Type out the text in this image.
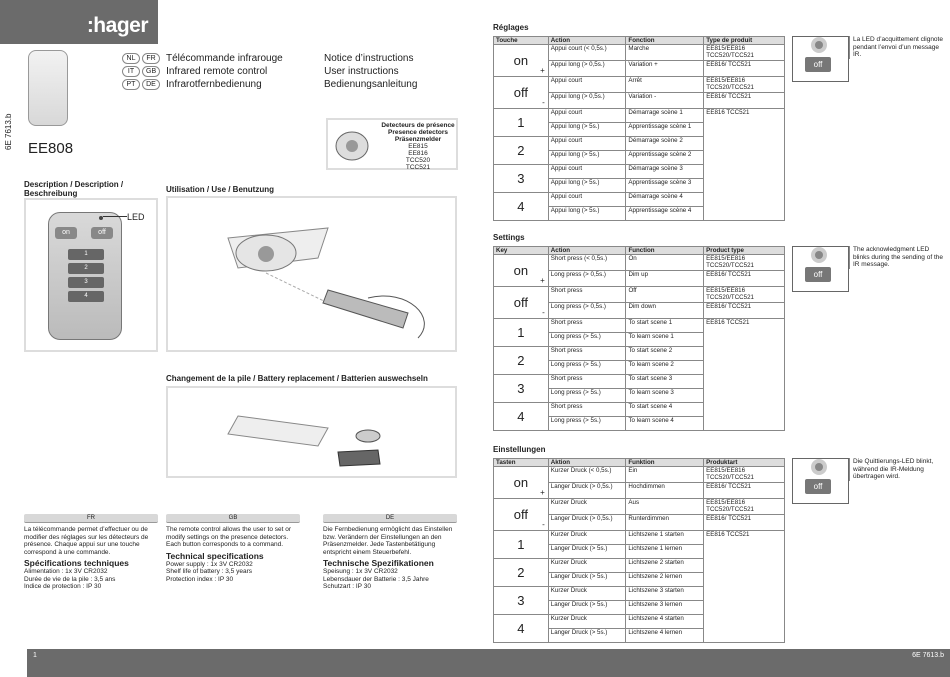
:hager
6E 7613.b EE808
NL	FR	Télécommande infrarouge	Notice d’instructions
IT	GB	Infrared remote control	User instructions
PT	DE	Infrarotfernbedienung	Bedienungsanleitung
Detecteurs de présence
Presence detectors
Präsenzmelder
EE815
EE816
TCC520
TCC521
Description / Description / Beschreibung
on	off
1
2
3
4
LED
Utilisation / Use / Benutzung
Changement de la pile / Battery replacement / Batterien auswechseln
FR
La télécommande permet d’effectuer ou de modifier des réglages sur les détecteurs de présence. Chaque appui sur une touche correspond à une commande.
Spécifications techniques
Alimentation : 1x 3V CR2032
Durée de vie de la pile : 3,5 ans
Indice de protection : IP 30
GB
The remote control allows the user to set or modify settings on the presence detectors. Each button corresponds to a command.
Technical specifications
Power supply : 1x 3V CR2032
Shelf life of battery : 3,5 years
Protection index : IP 30
DE
Die Fernbedienung ermöglicht das Einstellen bzw. Verändern der Einstellungen an den Präsenzmelder. Jede Tastenbetätigung entspricht einem Steuerbefehl.
Technische Spezifikationen
Speisung : 1x 3V CR2032
Lebensdauer der Batterie : 3,5 Jahre
Schutzart : IP 30
Réglages
Touche	Action	Fonction	Type de produit
on
+	Appui court (< 0,5s.)	Marche	EE815/EE816 TCC520/TCC521
	Appui long (> 0,5s.)	Variation +	EE816/ TCC521
off
-	Appui court	Arrêt	EE815/EE816 TCC520/TCC521
	Appui long (> 0,5s.)	Variation -	EE816/ TCC521
1	Appui court	Démarrage scène 1	EE816 TCC521
	Appui long (> 5s.)	Apprentissage scène 1	
2	Appui court	Démarrage scène 2	
	Appui long (> 5s.)	Apprentissage scène 2	
3	Appui court	Démarrage scène 3	
	Appui long (> 5s.)	Apprentissage scène 3	
4	Appui court	Démarrage scène 4	
	Appui long (> 5s.)	Apprentissage scène 4	
off
La LED d’acquittement clignote pendant l’envoi d’un message IR.
Settings
Key	Action	Function	Product type
on
+	Short press (< 0,5s.)	On	EE815/EE816 TCC520/TCC521
	Long press (> 0,5s.)	Dim up	EE816/ TCC521
off
-	Short press	Off	EE815/EE816 TCC520/TCC521
	Long press (> 0,5s.)	Dim down	EE816/ TCC521
1	Short press	To start scene 1	EE816 TCC521
	Long press (> 5s.)	To learn scene 1	
2	Short press	To start scene 2	
	Long press (> 5s.)	To learn scene 2	
3	Short press	To start scene 3	
	Long press (> 5s.)	To learn scene 3	
4	Short press	To start scene 4	
	Long press (> 5s.)	To learn scene 4	
off
The acknowledgment LED blinks during the sending of the IR message.
Einstellungen
Tasten	Aktion	Funktion	Produktart
on
+	Kurzer Druck (< 0,5s.)	Ein	EE815/EE816 TCC520/TCC521
	Langer Druck (> 0,5s.)	Hochdimmen	EE816/ TCC521
off
-	Kurzer Druck	Aus	EE815/EE816 TCC520/TCC521
	Langer Druck (> 0,5s.)	Runterdimmen	EE816/ TCC521
1	Kurzer Druck	Lichtszene 1 starten	EE816 TCC521
	Langer Druck (> 5s.)	Lichtszene 1 lernen	
2	Kurzer Druck	Lichtszene 2 starten	
	Langer Druck (> 5s.)	Lichtszene 2 lernen	
3	Kurzer Druck	Lichtszene 3 starten	
	Langer Druck (> 5s.)	Lichtszene 3 lernen	
4	Kurzer Druck	Lichtszene 4 starten	
	Langer Druck (> 5s.)	Lichtszene 4 lernen	
off
Die Quittierungs-LED blinkt, während die IR-Meldung übertragen wird.
1	6E 7613.b
